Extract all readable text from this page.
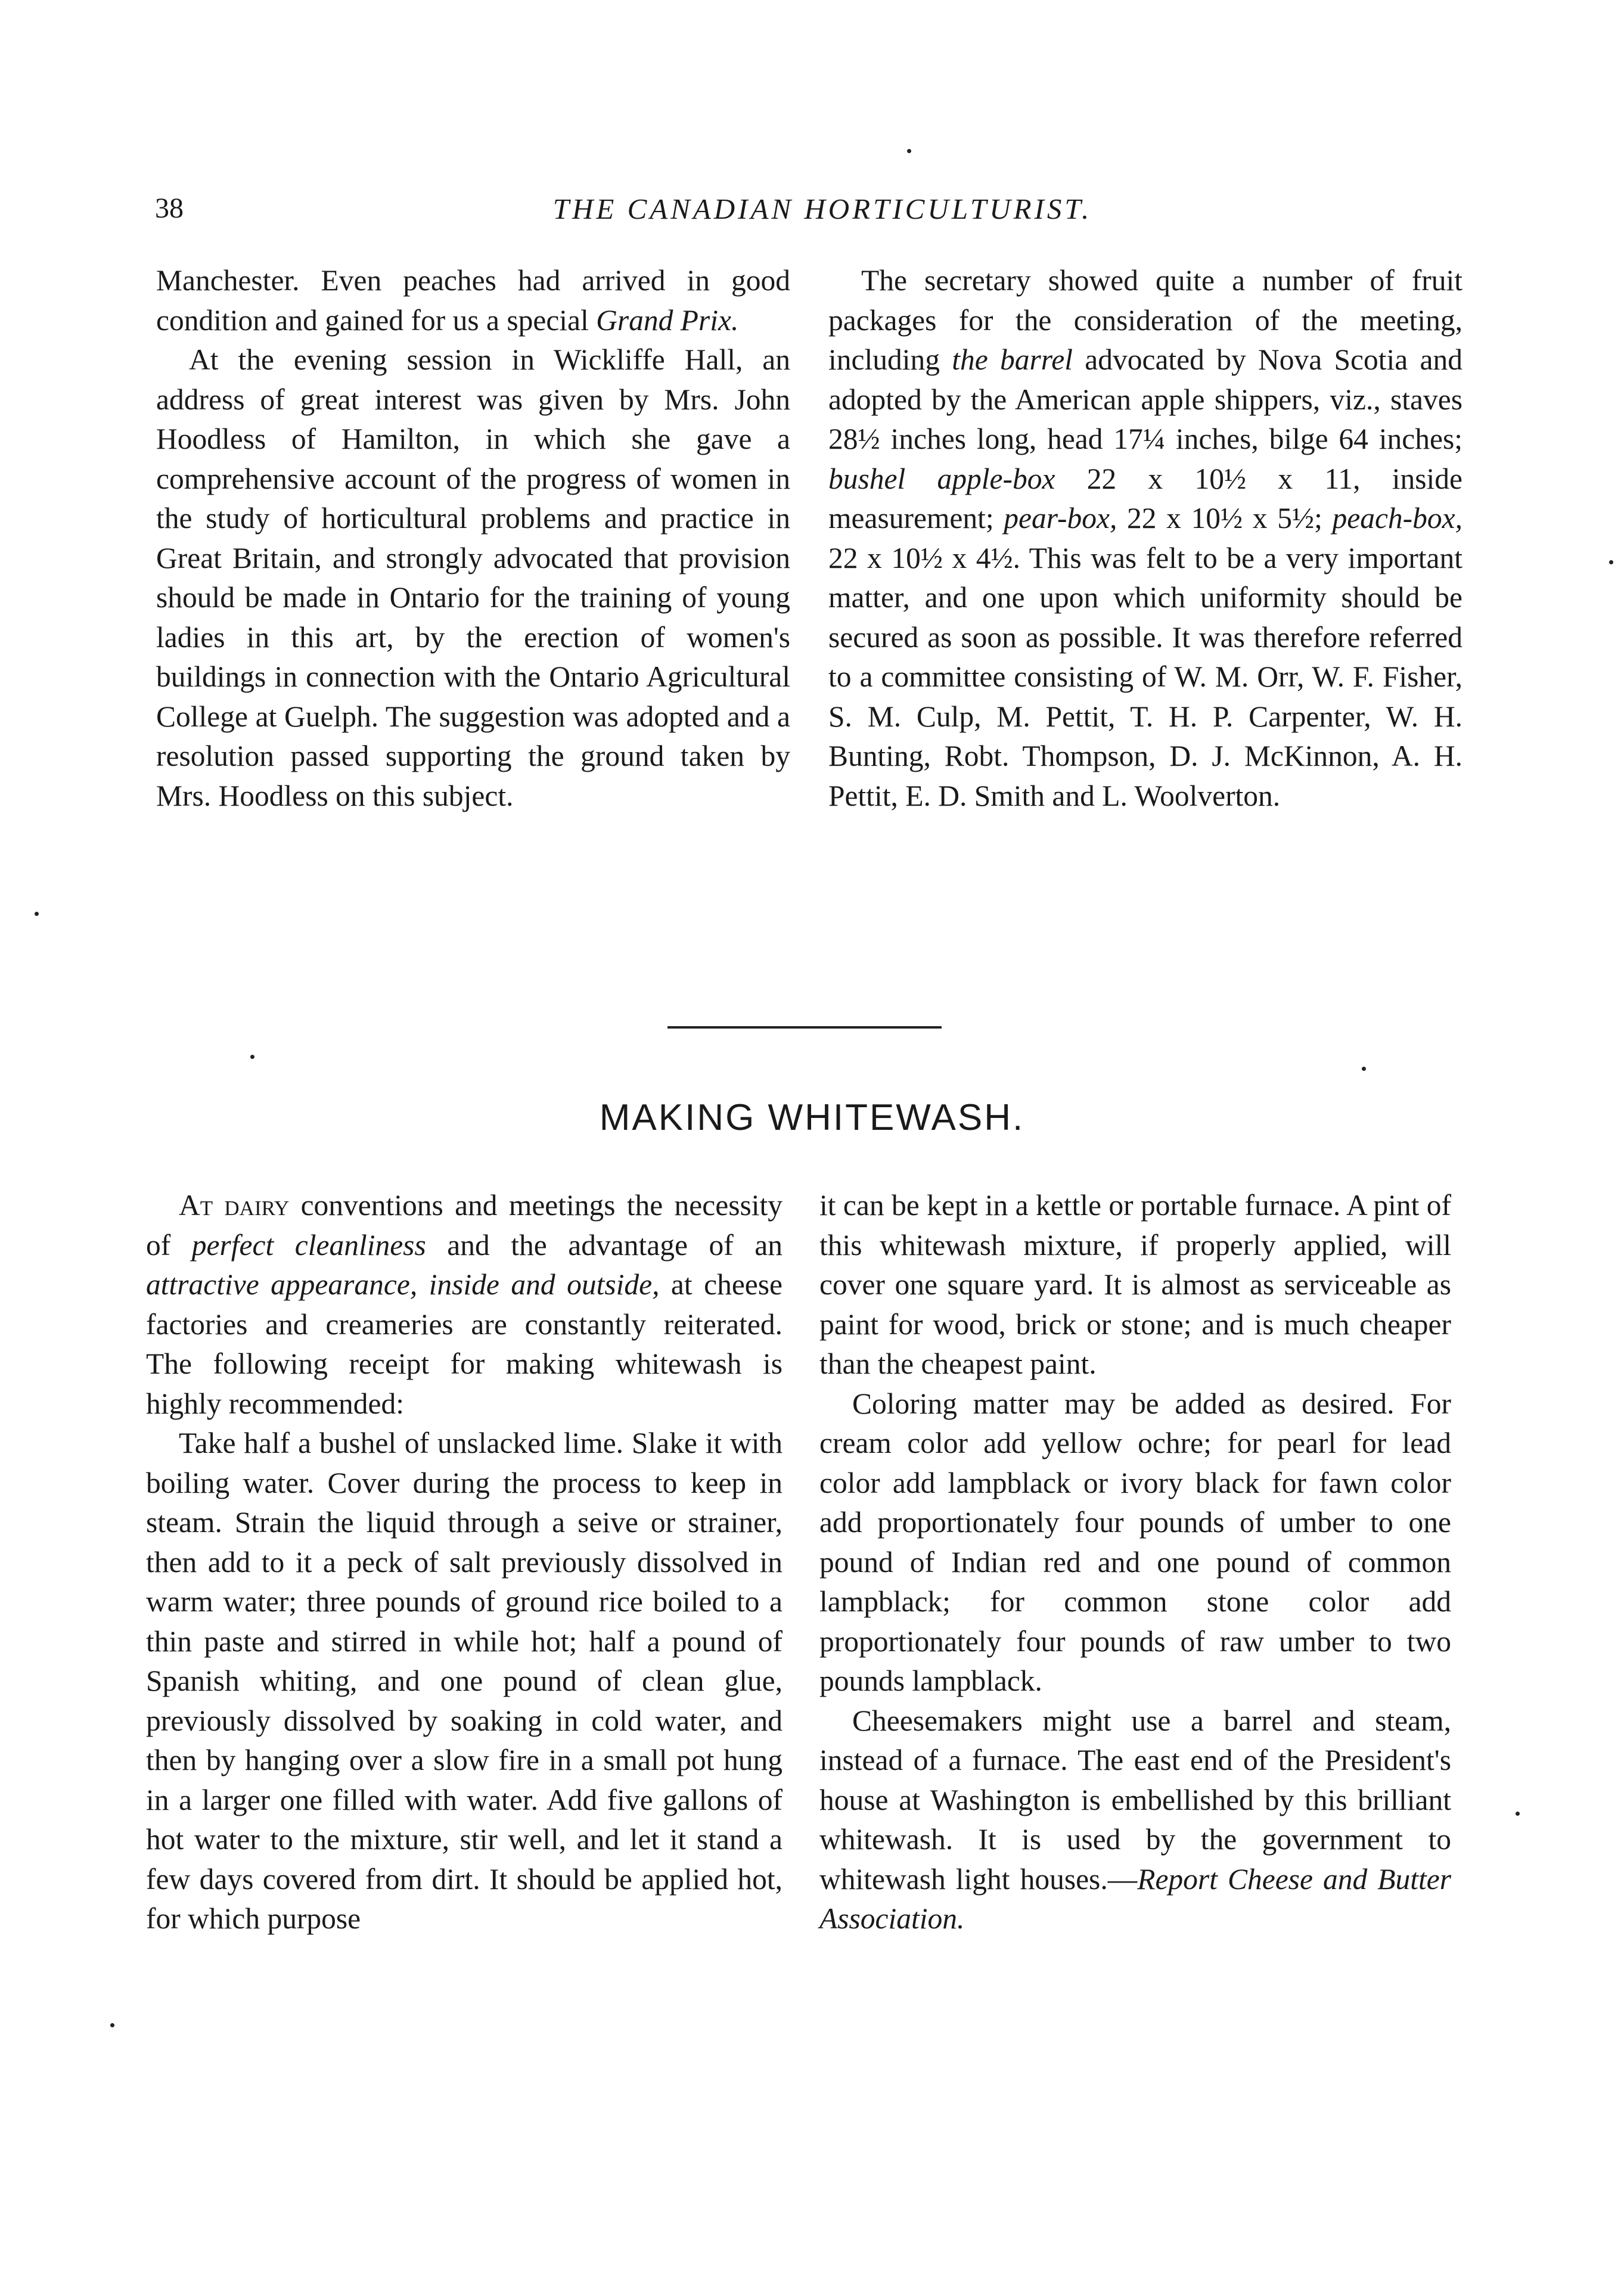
38	THE CANADIAN HORTICULTURIST.

Manchester. Even peaches had arrived in good condition and gained for us a special Grand Prix.

At the evening session in Wickliffe Hall, an address of great interest was given by Mrs. John Hoodless of Hamilton, in which she gave a comprehensive account of the progress of women in the study of horticultural problems and practice in Great Britain, and strongly advocated that provision should be made in Ontario for the training of young ladies in this art, by the erection of women's buildings in connection with the Ontario Agricultural College at Guelph. The suggestion was adopted and a resolution passed supporting the ground taken by Mrs. Hoodless on this subject.

The secretary showed quite a number of fruit packages for the consideration of the meeting, including the barrel advocated by Nova Scotia and adopted by the American apple shippers, viz., staves 28½ inches long, head 17¼ inches, bilge 64 inches; bushel apple-box 22 x 10½ x 11, inside measurement; pear-box, 22 x 10½ x 5½; peach-box, 22 x 10½ x 4½. This was felt to be a very important matter, and one upon which uniformity should be secured as soon as possible. It was therefore referred to a committee consisting of W. M. Orr, W. F. Fisher, S. M. Culp, M. Pettit, T. H. P. Carpenter, W. H. Bunting, Robt. Thompson, D. J. McKinnon, A. H. Pettit, E. D. Smith and L. Woolverton.

MAKING WHITEWASH.

At dairy conventions and meetings the necessity of perfect cleanliness and the advantage of an attractive appearance, inside and outside, at cheese factories and creameries are constantly reiterated. The following receipt for making whitewash is highly recommended:

Take half a bushel of unslacked lime. Slake it with boiling water. Cover during the process to keep in steam. Strain the liquid through a seive or strainer, then add to it a peck of salt previously dissolved in warm water; three pounds of ground rice boiled to a thin paste and stirred in while hot; half a pound of Spanish whiting, and one pound of clean glue, previously dissolved by soaking in cold water, and then by hanging over a slow fire in a small pot hung in a larger one filled with water. Add five gallons of hot water to the mixture, stir well, and let it stand a few days covered from dirt. It should be applied hot, for which purpose

it can be kept in a kettle or portable furnace. A pint of this whitewash mixture, if properly applied, will cover one square yard. It is almost as serviceable as paint for wood, brick or stone; and is much cheaper than the cheapest paint.

Coloring matter may be added as desired. For cream color add yellow ochre; for pearl for lead color add lampblack or ivory black for fawn color add proportionately four pounds of umber to one pound of Indian red and one pound of common lampblack; for common stone color add proportionately four pounds of raw umber to two pounds lampblack.

Cheesemakers might use a barrel and steam, instead of a furnace. The east end of the President's house at Washington is embellished by this brilliant whitewash. It is used by the government to whitewash light houses.—Report Cheese and Butter Association.
